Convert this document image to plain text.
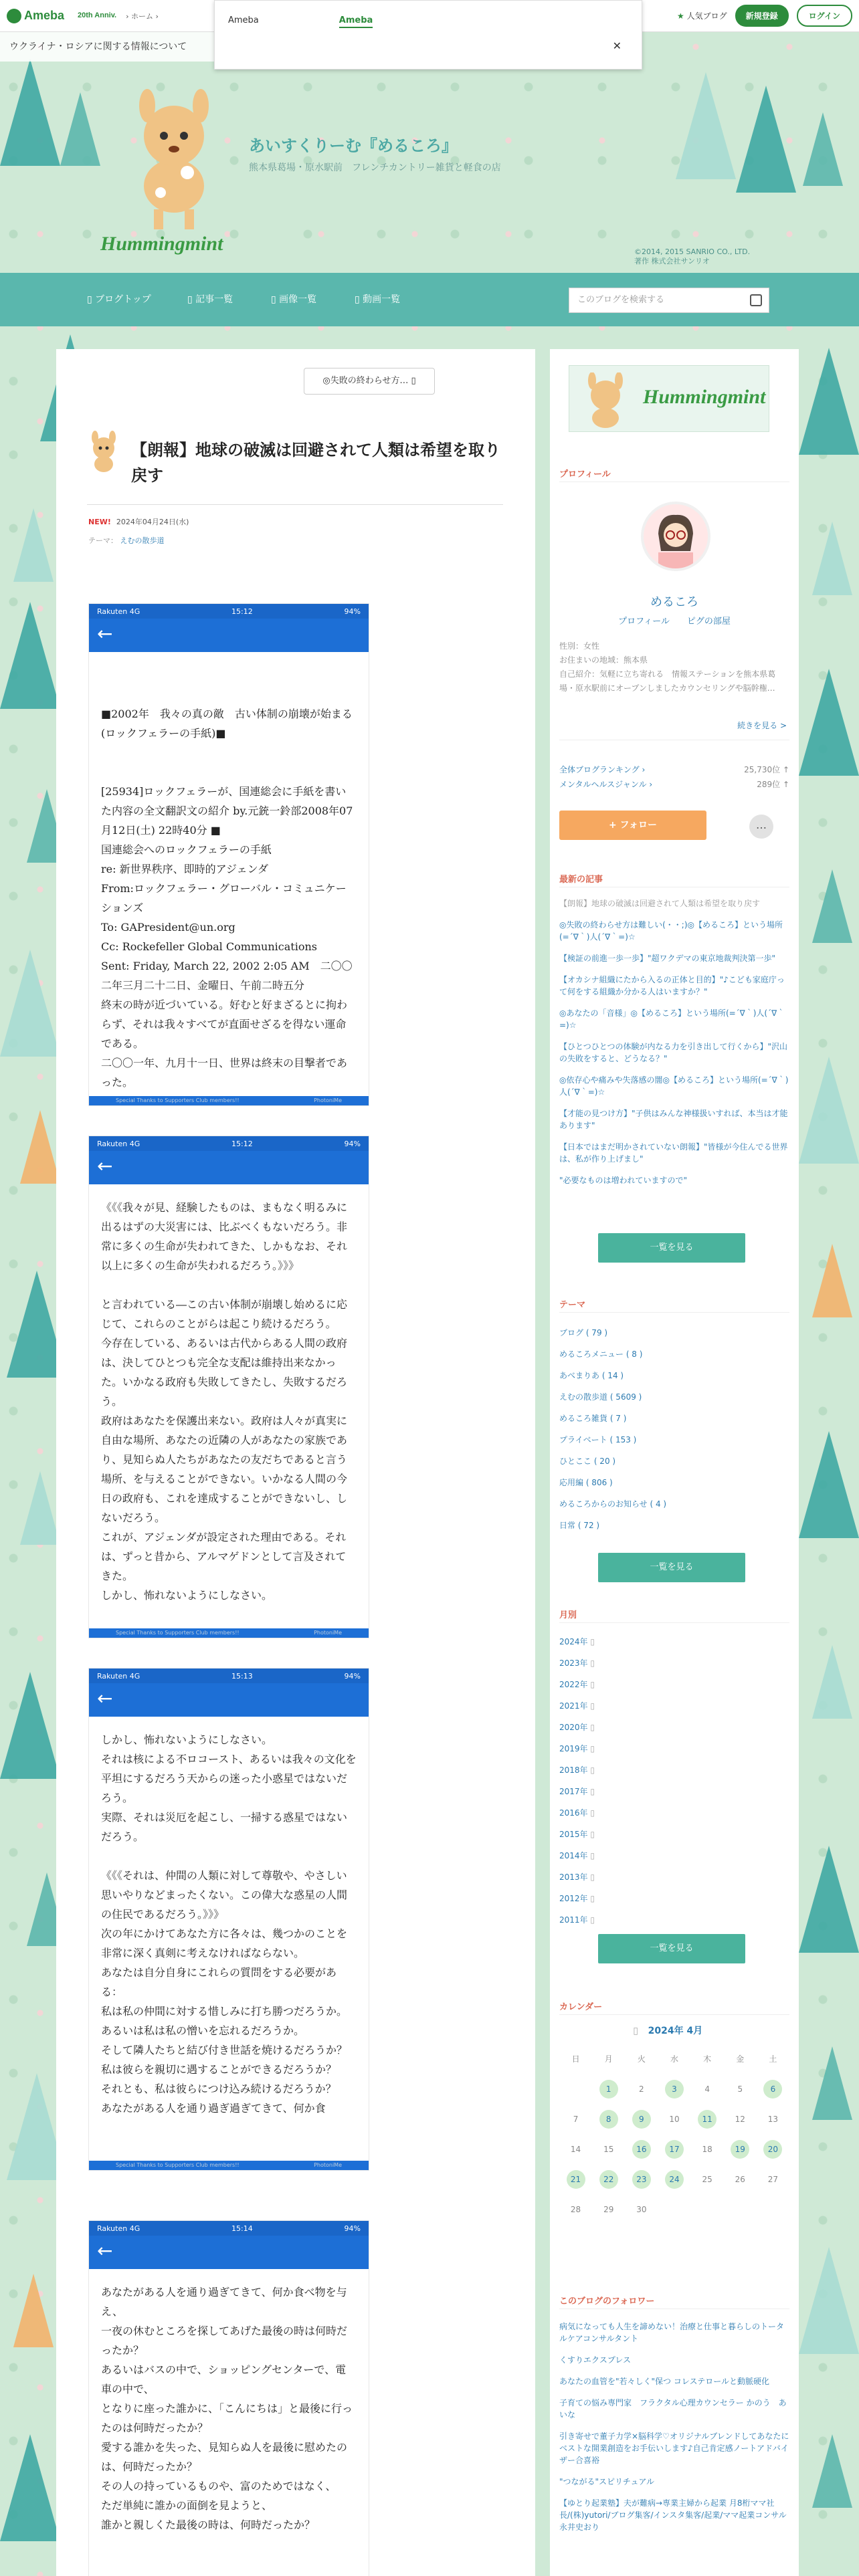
Hummingmint
あいすくりーむ『めるころ』
熊本県葛場・原水駅前　フレンチカントリー雑貨と軽食の店
©2014, 2015 SANRIO CO., LTD.
著作 株式会社サンリオ
Ameba 20th Anniv. › ホーム ›	★ 人気ブログ	新規登録	ログイン
Ameba	Ameba
✕
ウクライナ・ロシアに関する情報について
▯ ブログトップ	▯ 記事一覧	▯ 画像一覧	▯ 動画一覧	このブログを検索する
◎失敗の終わらせ方… ▯
【朗報】地球の破滅は回避されて人類は希望を取り戻す
NEW! 2024年04月24日(水)
テーマ： えむの散歩道
Rakuten 4G	15:12	94%
←

■2002年　我々の真の敵　古い体制の崩壊が始まる(ロックフェラーの手紙)■

[25934]ロックフェラーが、国連総会に手紙を書いた内容の全文翻訳文の紹介 by.元銃一鈴部2008年07月12日(土) 22時40分 ■
国連総会へのロックフェラーの手紙
re: 新世界秩序、即時的アジェンダ
From:ロックフェラー・グローバル・コミュニケーションズ
To: GAPresident@un.org
Cc: Rockefeller Global Communications
Sent: Friday, March 22, 2002 2:05 AM　二〇〇二年三月二十二日、金曜日、午前二時五分
終末の時が近づいている。好むと好まざるとに拘わらず、それは我々すべてが直面せざるを得ない運命である。
二〇〇一年、九月十一日、世界は終末の目撃者であった。
Special Thanks to Supporters Club members!!	PhotoniMe
Rakuten 4G	15:12	94%
←
《《《我々が見、経験したものは、まもなく明るみに出るはずの大災害には、比ぶべくもないだろう。非常に多くの生命が失われてきた、しかもなお、それ以上に多くの生命が失われるだろう。》》》

と言われている―この古い体制が崩壊し始めるに応じて、これらのことがらは起こり続けるだろう。
今存在している、あるいは古代からある人間の政府は、決してひとつも完全な支配は維持出来なかった。いかなる政府も失敗してきたし、失敗するだろう。
政府はあなたを保護出来ない。政府は人々が真実に自由な場所、あなたの近隣の人があなたの家族であり、見知らぬ人たちがあなたの友だちであると言う場所、を与えることができない。いかなる人間の今日の政府も、これを達成することができないし、しないだろう。
これが、アジェンダが設定された理由である。それは、ずっと昔から、アルマゲドンとして言及されてきた。
しかし、怖れないようにしなさい。
Special Thanks to Supporters Club members!!	PhotoniMe
Rakuten 4G	15:13	94%
←
しかし、怖れないようにしなさい。
それは核による不ロコースト、あるいは我々の文化を平坦にするだろう天からの迷った小惑星ではないだろう。
実際、それは災厄を起こし、一掃する惑星ではないだろう。

《《《それは、仲間の人類に対して尊敬や、やさしい思いやりなどまったくない。この偉大な惑星の人間の住民であるだろう。》》》
次の年にかけてあなた方に各々は、幾つかのことを非常に深く真剣に考えなければならない。
あなたは自分自身にこれらの質問をする必要がある：
私は私の仲間に対する惜しみに打ち勝つだろうか。
あるいは私は私の憎いを忘れるだろうか。
そして隣人たちと結び付き世話を焼けるだろうか？
私は彼らを親切に遇することができるだろうか？
それとも、私は彼らにつけ込み続けるだろうか？
あなたがある人を通り過ぎ過ぎてきて、何か食
Special Thanks to Supporters Club members!!	PhotoniMe
Rakuten 4G	15:14	94%
←
あなたがある人を通り過ぎてきて、何か食べ物を与え、
一夜の休むところを探してあげた最後の時は何時だったか？
あるいはバスの中で、ショッピングセンターで、電車の中で、
となりに座った誰かに、「こんにちは」と最後に行ったのは何時だったか？
愛する誰かを失った、見知らぬ人を最後に慰めたのは、何時だったか？
その人の持っているものや、富のためではなく、
ただ単純に誰かの面倒を見ようと、
誰かと親しくた最後の時は、何時だったか？
Hummingmint
プロフィール
めるころ
プロフィール　　ピグの部屋
性別：女性
お住まいの地域：熊本県
自己紹介：気軽に立ち寄れる　情報ステーションを熊本県葛場・原水駅前にオープンしましたカウンセリングや脳幹権…
続きを見る >
全体ブログランキング ›	25,730位 ↑
メンタルヘルスジャンル ›	289位 ↑
+ フォロー	…
最新の記事
【朗報】地球の破滅は回避されて人類は希望を取り戻す
◎失敗の終わらせ方は難しい(・・;)◎【めるころ】という場所(=´∇｀)人(´∇｀=)☆
【検証の前進一歩一歩】"超ワクデマの東京地裁判決第一歩"
【オカシナ組織にたから入るの正体と目的】"♪こども家庭庁って何をする組織か分かる人はいますか？"
◎あなたの「音様」◎【めるころ】という場所(=´∇｀)人(´∇｀=)☆
【ひとつひとつの体験が内なる力を引き出して行くから】"沢山の失敗をすると、どうなる？"
◎依存心や痛みや失落感の闇◎【めるころ】という場所(=´∇｀)人(´∇｀=)☆
【才能の見つけ方】"子供はみんな神様扱いすれば、本当は才能あります"
【日本ではまだ明かされていない朗報】"皆様が今住んでる世界は、私が作り上げまし"
"必要なものは増われていますので"
一覧を見る
テーマ
ブログ ( 79 )
めるころメニュー ( 8 )
あべまりあ ( 14 )
えむの散歩道 ( 5609 )
めるころ雑貨 ( 7 )
プライベート ( 153 )
ひとここ ( 20 )
応用編 ( 806 )
めるころからのお知らせ ( 4 )
日常 ( 72 )
一覧を見る
月別
2024年 ▯
2023年 ▯
2022年 ▯
2021年 ▯
2020年 ▯
2019年 ▯
2018年 ▯
2017年 ▯
2016年 ▯
2015年 ▯
2014年 ▯
2013年 ▯
2012年 ▯
2011年 ▯
一覧を見る
カレンダー
▯ 2024年 4月
日	月	火	水	木	金	土
	1	2	3	4	5	6
7	8	9	10	11	12	13
14	15	16	17	18	19	20
21	22	23	24	25	26	27
28	29	30				
このブログのフォロワー
病気になっても人生を諦めない！治療と仕事と暮らしのトータルケアコンサルタント
くすりエクスプレス
あなたの血管を"若々しく"保つ コレステロールと動脈硬化
子育ての悩み専門家　フラクタル心理カウンセラー かのう　あいな
引き寄せで董子力学×脳科学♡オリジナルブレンドしてあなたにベストな開業創造をお手伝いします♪自己肯定感ノートアドバイザー合喜裕
"つながる"スピリチュアル
【ゆとり起業塾】夫が難病→専業主婦から起業 月8桁ママ社長/(株)yutori/ブログ集客/インスタ集客/起業/ママ起業コンサル 永井史おり
